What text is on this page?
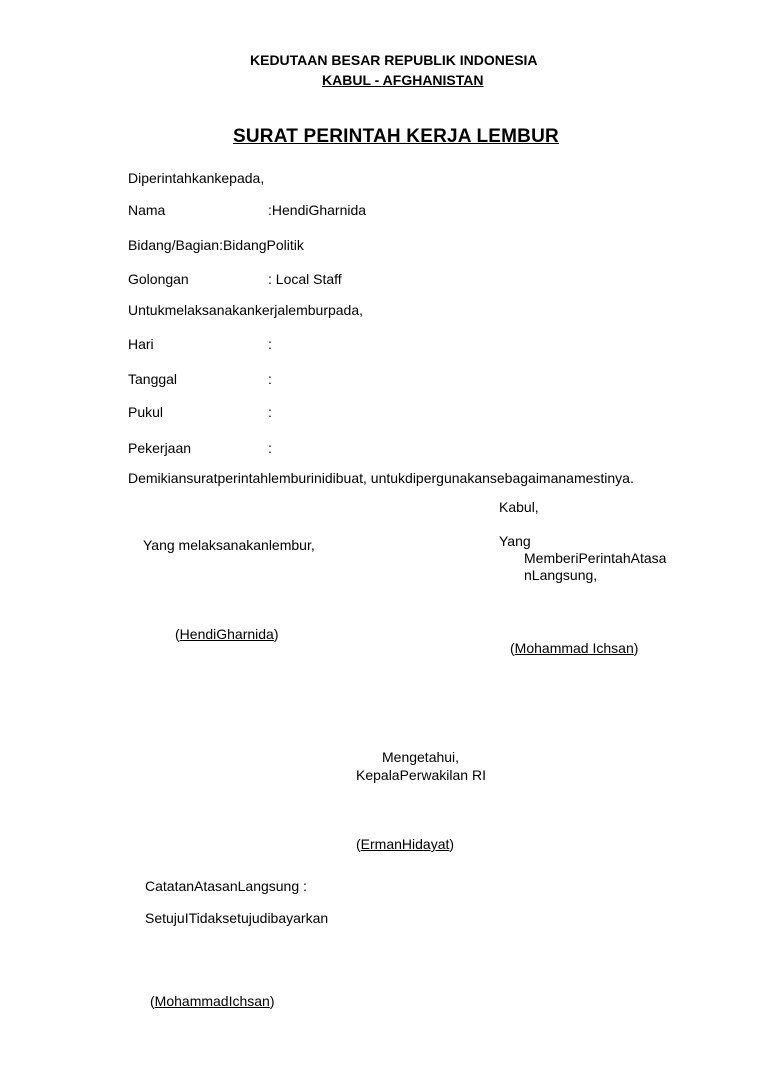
KEDUTAAN BESAR REPUBLIK INDONESIA
KABUL - AFGHANISTAN
SURAT PERINTAH KERJA LEMBUR
Diperintahkankepada,
Nama	:HendiGharnida
Bidang/Bagian:BidangPolitik
Golongan	: Local Staff
Untukmelaksanakankerjalemburpada,
Hari	:
Tanggal	:
Pukul	:
Pekerjaan	:
Demikiansuratperintahlemburinidibuat, untukdipergunakansebagaimanamestinya.
Kabul,
Yang melaksanakanlembur,	Yang
MemberiPerintahAtasa
nLangsung,
(HendiGharnida)
(Mohammad Ichsan)
Mengetahui,
KepalaPerwakilan RI
(ErmanHidayat)
CatatanAtasanLangsung :
SetujuITidaksetujudibayarkan
(MohammadIchsan)
